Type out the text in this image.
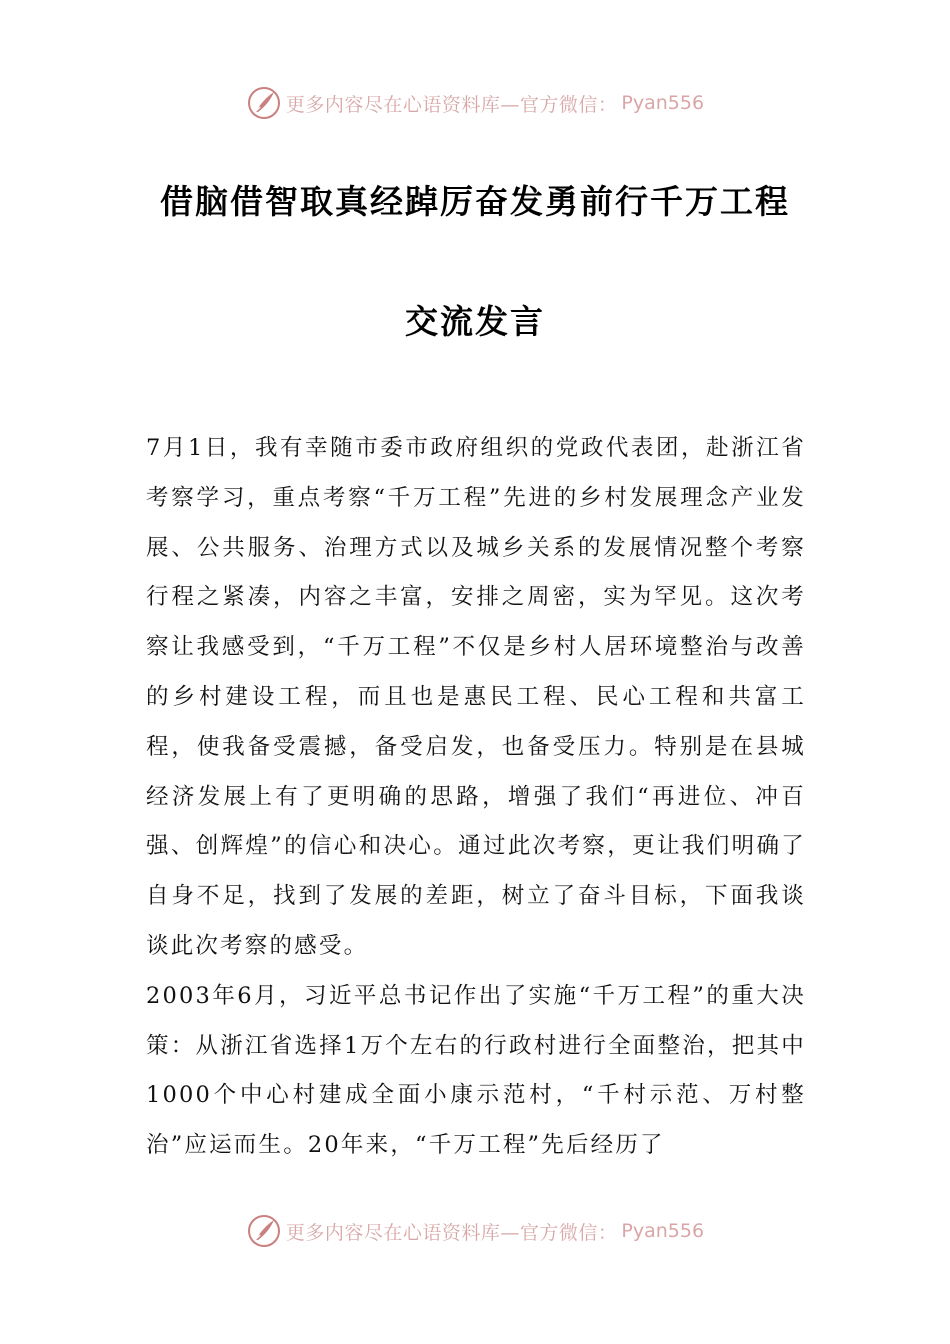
更多内容尽在心语资料库—官方微信： Pyan556
借脑借智取真经踔厉奋发勇前行千万工程
交流发言

7月1日，我有幸随市委市政府组织的党政代表团，赴浙江省考察学习，重点考察“千万工程”先进的乡村发展理念产业发展、公共服务、治理方式以及城乡关系的发展情况整个考察行程之紧凑，内容之丰富，安排之周密，实为罕见。这次考察让我感受到，“千万工程”不仅是乡村人居环境整治与改善的乡村建设工程，而且也是惠民工程、民心工程和共富工程，使我备受震撼，备受启发，也备受压力。特别是在县城经济发展上有了更明确的思路，增强了我们“再进位、冲百强、创辉煌”的信心和决心。通过此次考察，更让我们明确了自身不足，找到了发展的差距，树立了奋斗目标，下面我谈谈此次考察的感受。

2003年6月，习近平总书记作出了实施“千万工程”的重大决策：从浙江省选择1万个左右的行政村进行全面整治，把其中1000个中心村建成全面小康示范村，“千村示范、万村整治”应运而生。20年来，“千万工程”先后经历了

更多内容尽在心语资料库—官方微信： Pyan556
